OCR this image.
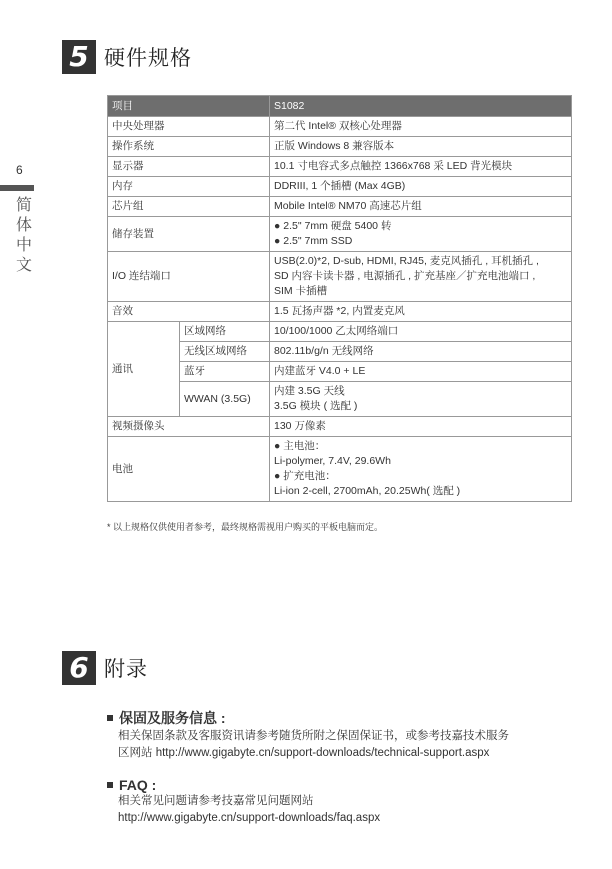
6
简体中文
5 硬件规格
项目		S1082
中央处理器		第二代 Intel® 双核心处理器
操作系统		正版 Windows 8 兼容版本
显示器		10.1 寸电容式多点触控 1366x768 采 LED 背光模块
内存		DDRIII, 1 个插槽 (Max 4GB)
芯片组		Mobile Intel® NM70 高速芯片组
储存装置		● 2.5" 7mm 硬盘 5400 转
● 2.5" 7mm SSD

I/O 连结端口		USB(2.0)*2, D-sub, HDMI, RJ45, 麦克风插孔 , 耳机插孔 ,
SD 内容卡读卡器 , 电源插孔 , 扩充基座／扩充电池端口 ,
SIM 卡插槽

音效		1.5 瓦扬声器 *2, 内置麦克风
通讯	区域网络	10/100/1000 乙太网络端口
	无线区域网络	802.11b/g/n 无线网络
	蓝牙	内建蓝牙 V4.0 + LE
	WWAN (3.5G)	内建 3.5G 天线
3.5G 模块 ( 选配 )

视频摄像头		130 万像素
电池		● 主电池：
Li-polymer, 7.4V, 29.6Wh
● 扩充电池：
Li-ion 2-cell, 2700mAh, 20.25Wh( 选配 )
* 以上规格仅供使用者参考，最终规格需视用户购买的平板电脑而定。
6 附录
保固及服务信息 :
相关保固条款及客服资讯请参考随货所附之保固保证书，或参考技嘉技术服务
区网站 http://www.gigabyte.cn/support-downloads/technical-support.aspx
FAQ :
相关常见问题请参考技嘉常见问题网站
http://www.gigabyte.cn/support-downloads/faq.aspx
